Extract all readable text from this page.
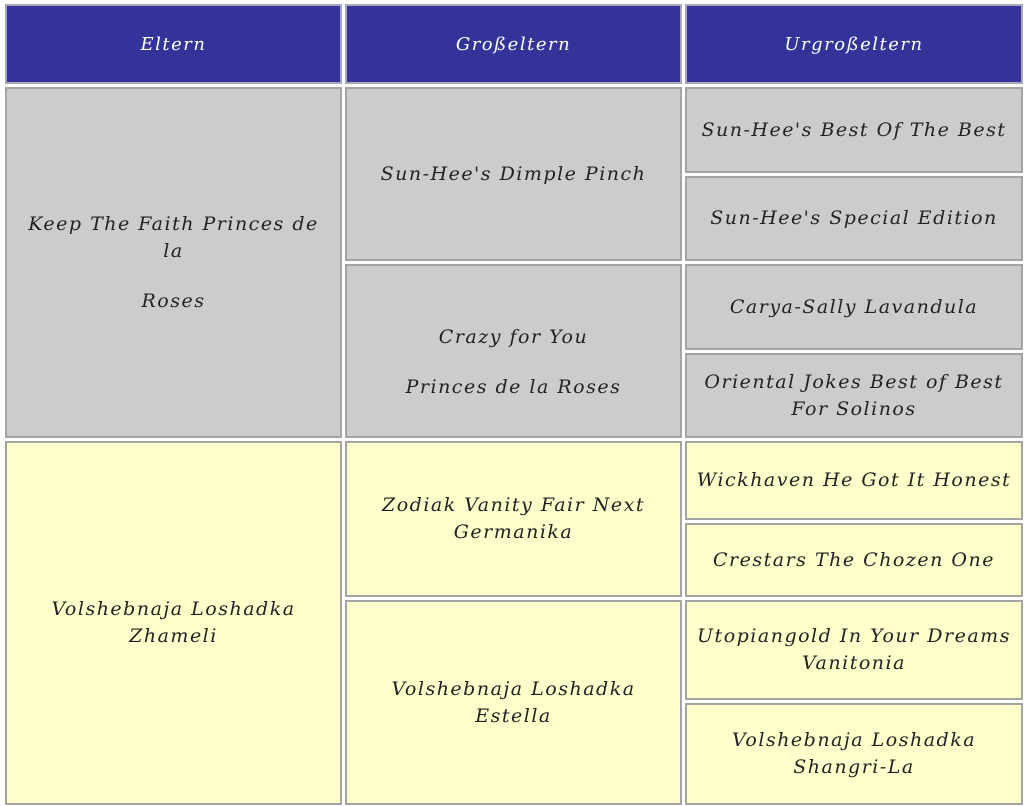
Eltern	Großeltern	Urgroßeltern
Keep The Faith Princes de la
Roses
Sun-Hee's Dimple Pinch
Crazy for You
Princes de la Roses
Sun-Hee's Best Of The Best
Sun-Hee's Special Edition
Carya-Sally Lavandula
Oriental Jokes Best of Best For Solinos
Volshebnaja Loshadka Zhameli
Zodiak Vanity Fair Next Germanika
Volshebnaja Loshadka Estella
Wickhaven He Got It Honest
Crestars The Chozen One
Utopiangold In Your Dreams Vanitonia
Volshebnaja Loshadka Shangri-La
